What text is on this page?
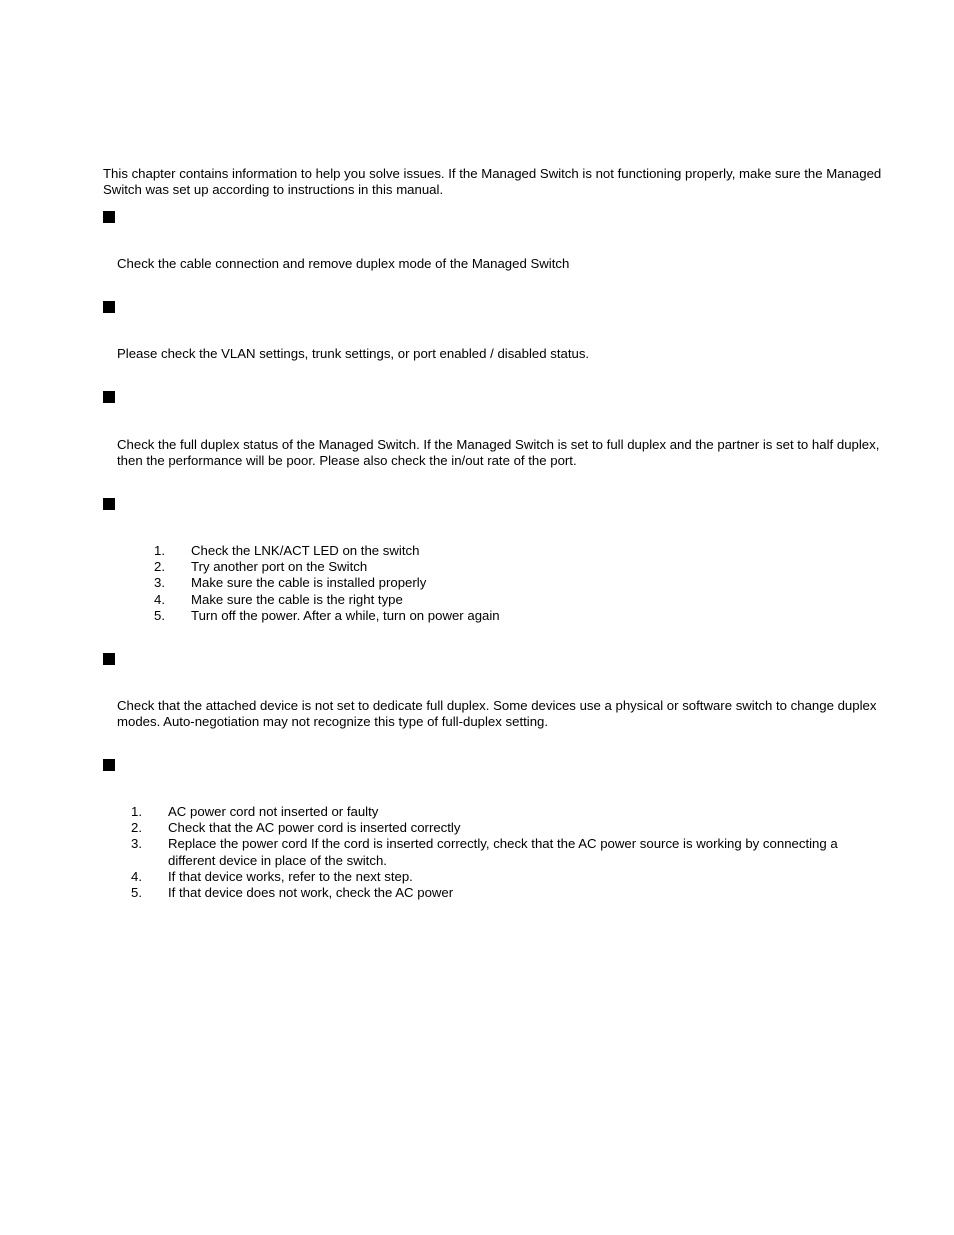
This chapter contains information to help you solve issues. If the Managed Switch is not functioning properly, make sure the Managed Switch was set up according to instructions in this manual.

Check the cable connection and remove duplex mode of the Managed Switch

Please check the VLAN settings, trunk settings, or port enabled / disabled status.

Check the full duplex status of the Managed Switch. If the Managed Switch is set to full duplex and the partner is set to half duplex, then the performance will be poor. Please also check the in/out rate of the port.

1.	Check the LNK/ACT LED on the switch
2.	Try another port on the Switch
3.	Make sure the cable is installed properly
4.	Make sure the cable is the right type
5.	Turn off the power. After a while, turn on power again

Check that the attached device is not set to dedicate full duplex. Some devices use a physical or software switch to change duplex modes. Auto-negotiation may not recognize this type of full-duplex setting.

1.	AC power cord not inserted or faulty
2.	Check that the AC power cord is inserted correctly
3.	Replace the power cord If the cord is inserted correctly, check that the AC power source is working by connecting a different device in place of the switch.
4.	If that device works, refer to the next step.
5.	If that device does not work, check the AC power
